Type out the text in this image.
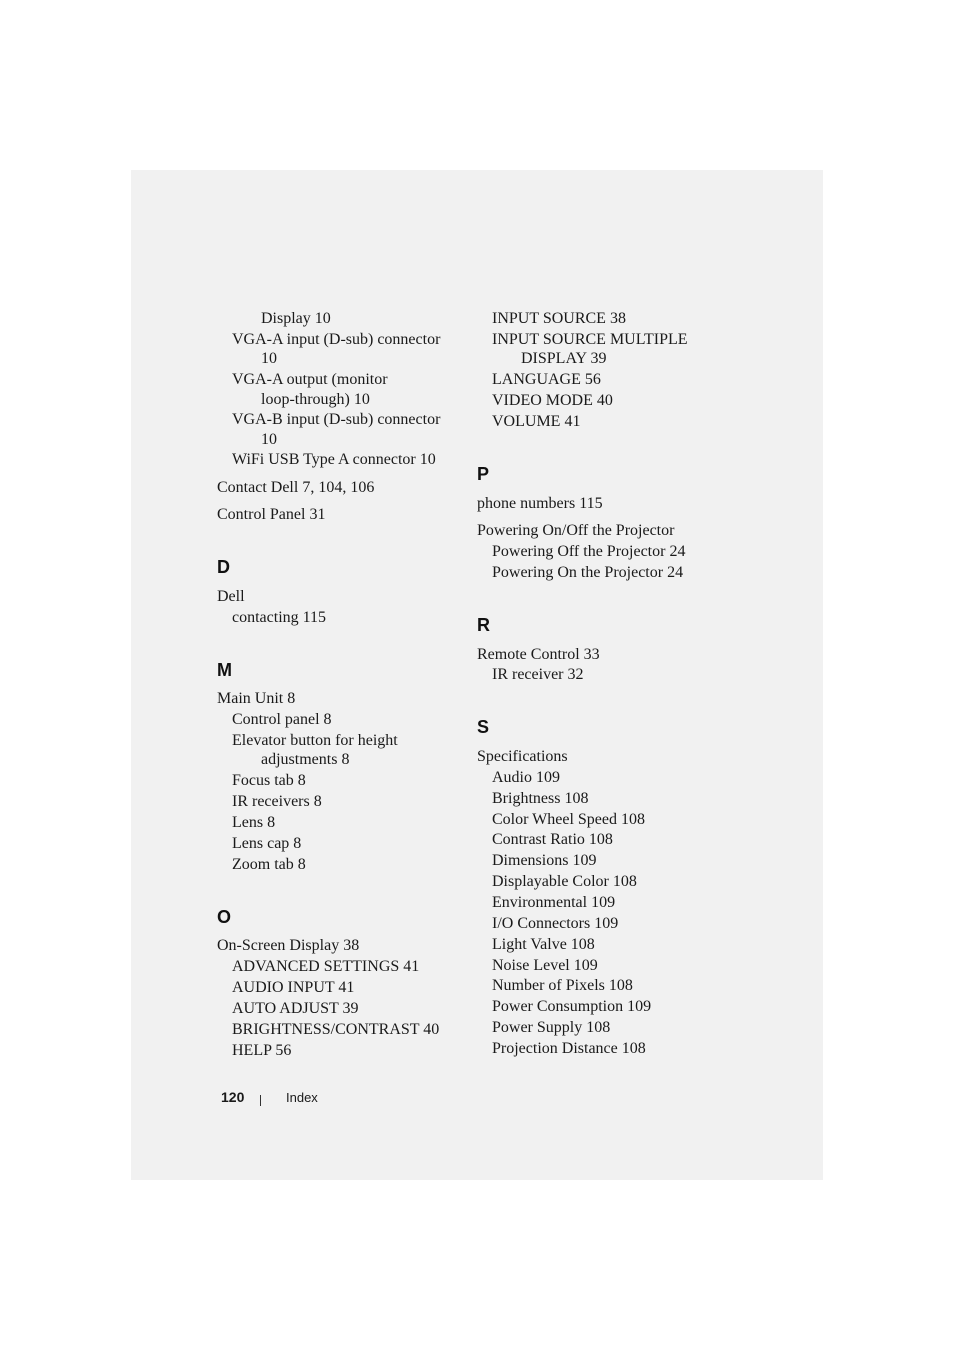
Display 10
VGA-A input (D-sub) connector
10
VGA-A output (monitor
loop-through) 10
VGA-B input (D-sub) connector
10
WiFi USB Type A connector 10
Contact Dell 7, 104, 106
Control Panel 31
D
Dell
contacting 115
M
Main Unit 8
Control panel 8
Elevator button for height
adjustments 8
Focus tab 8
IR receivers 8
Lens 8
Lens cap 8
Zoom tab 8
O
On-Screen Display 38
ADVANCED SETTINGS 41
AUDIO INPUT 41
AUTO ADJUST 39
BRIGHTNESS/CONTRAST 40
HELP 56
INPUT SOURCE 38
INPUT SOURCE MULTIPLE
DISPLAY 39
LANGUAGE 56
VIDEO MODE 40
VOLUME 41
P
phone numbers 115
Powering On/Off the Projector
Powering Off the Projector 24
Powering On the Projector 24
R
Remote Control 33
IR receiver 32
S
Specifications
Audio 109
Brightness 108
Color Wheel Speed 108
Contrast Ratio 108
Dimensions 109
Displayable Color 108
Environmental 109
I/O Connectors 109
Light Valve 108
Noise Level 109
Number of Pixels 108
Power Consumption 109
Power Supply 108
Projection Distance 108
120	Index
